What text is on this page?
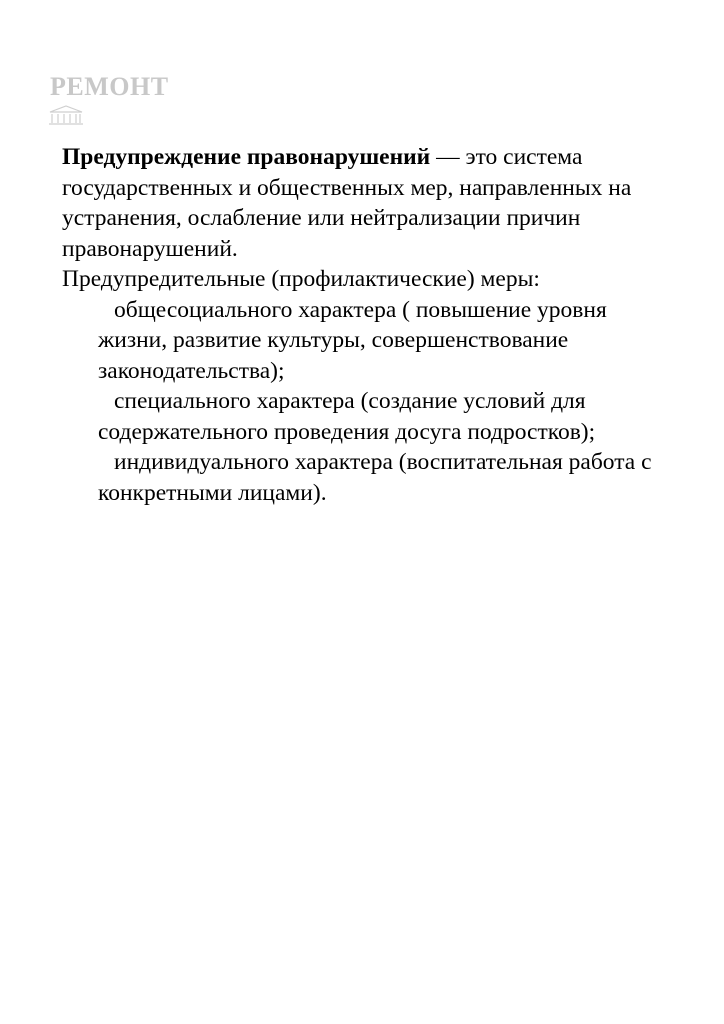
РЕМОНТ

Предупреждение правонарушений — это система государственных и общественных мер, направленных на устранения, ослабление или нейтрализации причин правонарушений.

Предупредительные (профилактические) меры:

общесоциального характера ( повышение уровня жизни, развитие культуры, совершенствование законодательства);
специального характера (создание условий для содержательного проведения досуга подростков);
индивидуального характера (воспитательная работа с конкретными лицами).
